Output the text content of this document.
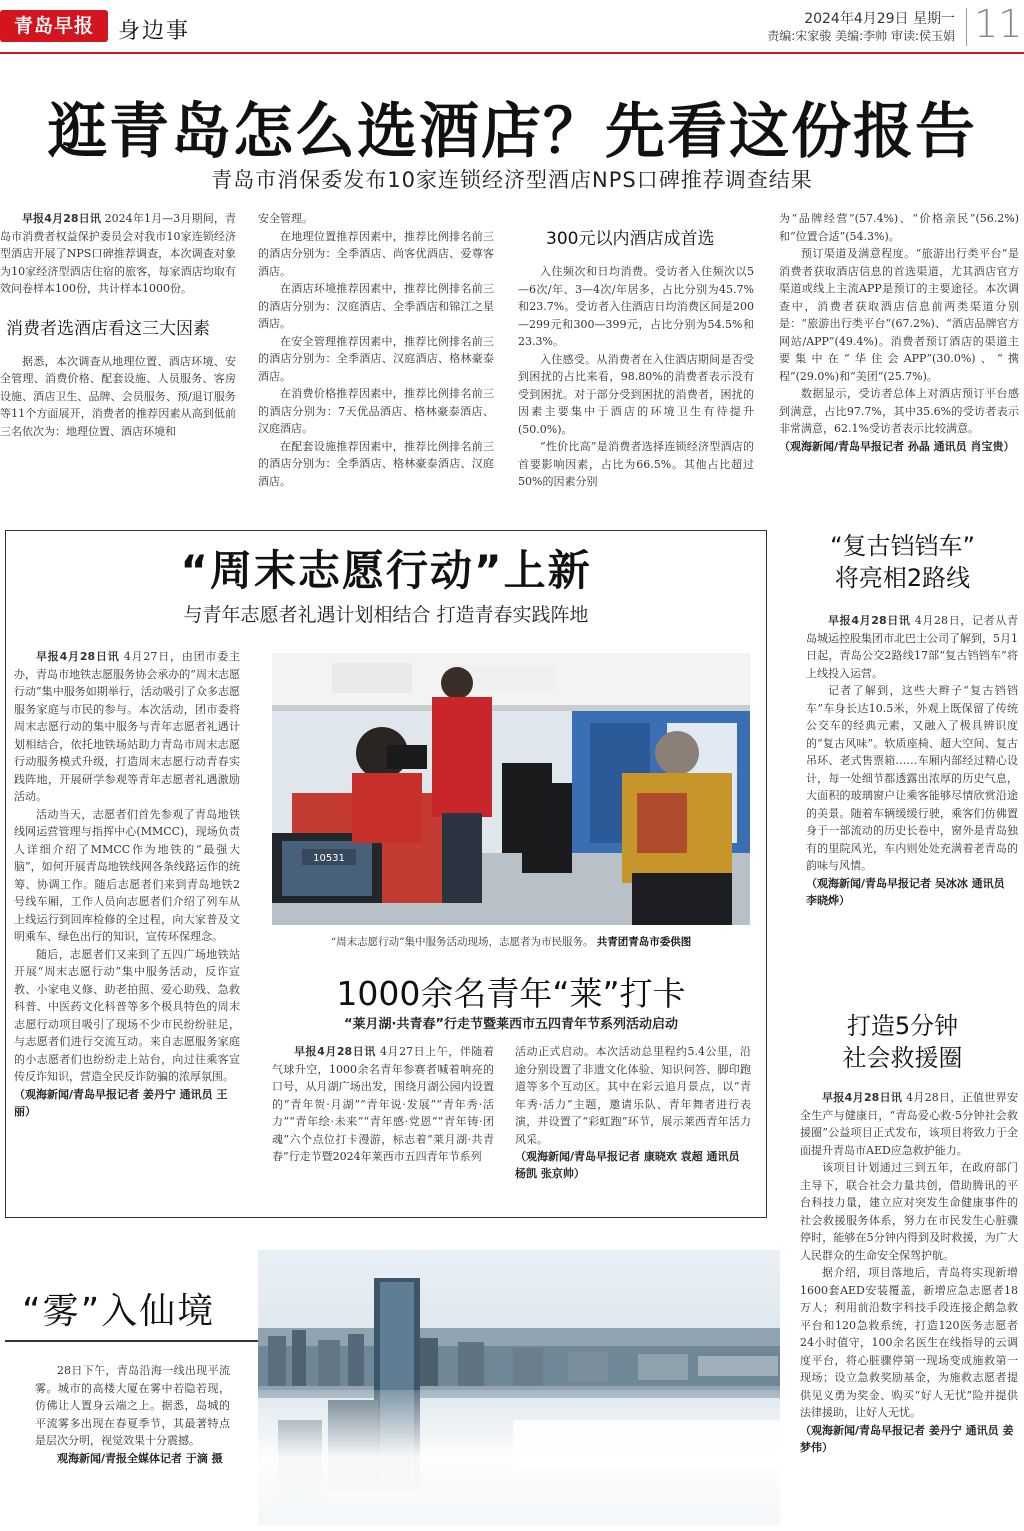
青岛早报	身边事	2024年4月29日 星期一
责编:宋家骏 美编:李帅 审读:侯玉娟 11
逛青岛怎么选酒店？先看这份报告
青岛市消保委发布10家连锁经济型酒店NPS口碑推荐调查结果

早报4月28日讯 2024年1月—3月期间，青岛市消费者权益保护委员会对我市10家连锁经济型酒店开展了NPS口碑推荐调查，本次调查对象为10家经济型酒店住宿的旅客，每家酒店均取有效问卷样本100份，共计样本1000份。

消费者选酒店看这三大因素

据悉，本次调查从地理位置、酒店环境、安全管理、消费价格、配套设施、人员服务、客房设施、酒店卫生、品牌、会员服务、预/退订服务等11个方面展开，消费者的推荐因素从高到低前三名依次为：地理位置、酒店环境和

安全管理。

在地理位置推荐因素中，推荐比例排名前三的酒店分别为：全季酒店、尚客优酒店、爱尊客酒店。

在酒店环境推荐因素中，推荐比例排名前三的酒店分别为：汉庭酒店、全季酒店和锦江之星酒店。

在安全管理推荐因素中，推荐比例排名前三的酒店分别为：全季酒店、汉庭酒店、格林豪泰酒店。

在消费价格推荐因素中，推荐比例排名前三的酒店分别为：7天优品酒店、格林豪泰酒店、汉庭酒店。

在配套设施推荐因素中，推荐比例排名前三的酒店分别为：全季酒店、格林豪泰酒店、汉庭酒店。

300元以内酒店成首选

入住频次和日均消费。受访者入住频次以5—6次/年、3—4次/年居多，占比分别为45.7%和23.7%。受访者入住酒店日均消费区间是200—299元和300—399元，占比分别为54.5%和23.3%。

入住感受。从消费者在入住酒店期间是否受到困扰的占比来看，98.80%的消费者表示没有受到困扰。对于部分受到困扰的消费者，困扰的因素主要集中于酒店的环境卫生有待提升(50.0%)。

“性价比高”是消费者选择连锁经济型酒店的首要影响因素，占比为66.5%。其他占比超过50%的因素分别

为“品牌经营”(57.4%)、“价格亲民”(56.2%)和“位置合适”(54.3%)。

预订渠道及满意程度。“旅游出行类平台”是消费者获取酒店信息的首选渠道，尤其酒店官方渠道或线上主流APP是预订的主要途径。本次调查中，消费者获取酒店信息前两类渠道分别是：“旅游出行类平台”(67.2%)、“酒店品牌官方网站/APP”(49.4%)。消费者预订酒店的渠道主要集中在“华住会APP”(30.0%)、“携程”(29.0%)和“美团”(25.7%)。

数据显示，受访者总体上对酒店预订平台感到满意，占比97.7%，其中35.6%的受访者表示非常满意，62.1%受访者表示比较满意。

（观海新闻/青岛早报记者 孙晶 通讯员 肖宝贵）

“周末志愿行动”上新
与青年志愿者礼遇计划相结合 打造青春实践阵地

早报4月28日讯 4月27日，由团市委主办，青岛市地铁志愿服务协会承办的“周末志愿行动”集中服务如期举行，活动吸引了众多志愿服务家庭与市民的参与。本次活动，团市委将周末志愿行动的集中服务与青年志愿者礼遇计划相结合，依托地铁场站助力青岛市周末志愿行动服务模式升级，打造周末志愿行动青春实践阵地，开展研学参观等青年志愿者礼遇激励活动。

活动当天，志愿者们首先参观了青岛地铁线网运营管理与指挥中心(MMCC)，现场负责人详细介绍了MMCC作为地铁的“最强大脑”，如何开展青岛地铁线网各条线路运作的统筹、协调工作。随后志愿者们来到青岛地铁2号线车厢，工作人员向志愿者们介绍了列车从上线运行到回库检修的全过程，向大家普及文明乘车、绿色出行的知识，宣传环保理念。

随后，志愿者们又来到了五四广场地铁站开展“周末志愿行动”集中服务活动，反诈宣教、小家电义修、助老拍照、爱心助残、急救科普、中医药文化科普等多个极具特色的周末志愿行动项目吸引了现场不少市民纷纷驻足，与志愿者们进行交流互动。来自志愿服务家庭的小志愿者们也纷纷走上站台，向过往乘客宣传反诈知识，营造全民反诈防骗的浓厚氛围。

（观海新闻/青岛早报记者 姜丹宁 通讯员 王丽）

10531
“周末志愿行动”集中服务活动现场，志愿者为市民服务。 共青团青岛市委供图
1000余名青年“莱”打卡
“莱月湖·共青春”行走节暨莱西市五四青年节系列活动启动

早报4月28日讯 4月27日上午，伴随着气球升空，1000余名青年参赛者喊着响亮的口号，从月湖广场出发，围绕月湖公园内设置的“青年贺·月湖”“青年说·发展”“青年秀·活力”“青年绘·未来”“青年感·党恩”“青年铸·团魂”六个点位打卡漫游，标志着“莱月湖·共青春”行走节暨2024年莱西市五四青年节系列

活动正式启动。本次活动总里程约5.4公里，沿途分别设置了非遗文化体验、知识问答、脚印跑道等多个互动区。其中在彩云追月景点，以“青年秀·活力”主题，邀请乐队、青年舞者进行表演，并设置了“彩虹跑”环节，展示莱西青年活力风采。

（观海新闻/青岛早报记者 康晓欢 袁超 通讯员 杨凯 张京帅）

“复古铛铛车”
将亮相2路线

早报4月28日讯 4月28日，记者从青岛城运控股集团市北巴士公司了解到，5月1日起，青岛公交2路线17部“复古铛铛车”将上线投入运营。

记者了解到，这些大辫子“复古铛铛车”车身长达10.5米，外观上既保留了传统公交车的经典元素，又融入了极具辨识度的“复古风味”。软质座椅、超大空间、复古吊环、老式售票箱……车厢内部经过精心设计，每一处细节都透露出浓厚的历史气息，大面积的玻璃窗户让乘客能够尽情欣赏沿途的美景。随着车辆缓缓行驶，乘客们仿佛置身于一部流动的历史长卷中，窗外是青岛独有的里院风光，车内则处处充满着老青岛的韵味与风情。

（观海新闻/青岛早报记者 吴冰冰 通讯员 李晓烨）

打造5分钟
社会救援圈

早报4月28日讯 4月28日，正值世界安全生产与健康日，“青岛爱心救·5分钟社会救援圈”公益项目正式发布，该项目将致力于全面提升青岛市AED应急救护能力。

该项目计划通过三到五年，在政府部门主导下，联合社会力量共创，借助腾讯的平台科技力量，建立应对突发生命健康事件的社会救援服务体系，努力在市民发生心脏骤停时，能够在5分钟内得到及时救援，为广大人民群众的生命安全保驾护航。

据介绍，项目落地后，青岛将实现新增1600套AED安装覆盖，新增应急志愿者18万人；利用前沿数字科技手段连接企鹅急救平台和120急救系统，打造120医务志愿者24小时值守，100余名医生在线指导的云调度平台，将心脏骤停第一现场变成施救第一现场；设立急救奖励基金，为施救志愿者提供见义勇为奖金、购买“好人无忧”险并提供法律援助，让好人无忧。

（观海新闻/青岛早报记者 姜丹宁 通讯员 姜梦伟）

“雾”入仙境

28日下午，青岛沿海一线出现平流雾。城市的高楼大厦在雾中若隐若现，仿佛让人置身云端之上。据悉，岛城的平流雾多出现在春夏季节，其最著特点是层次分明，视觉效果十分震撼。

观海新闻/青报全媒体记者 于滴 摄
